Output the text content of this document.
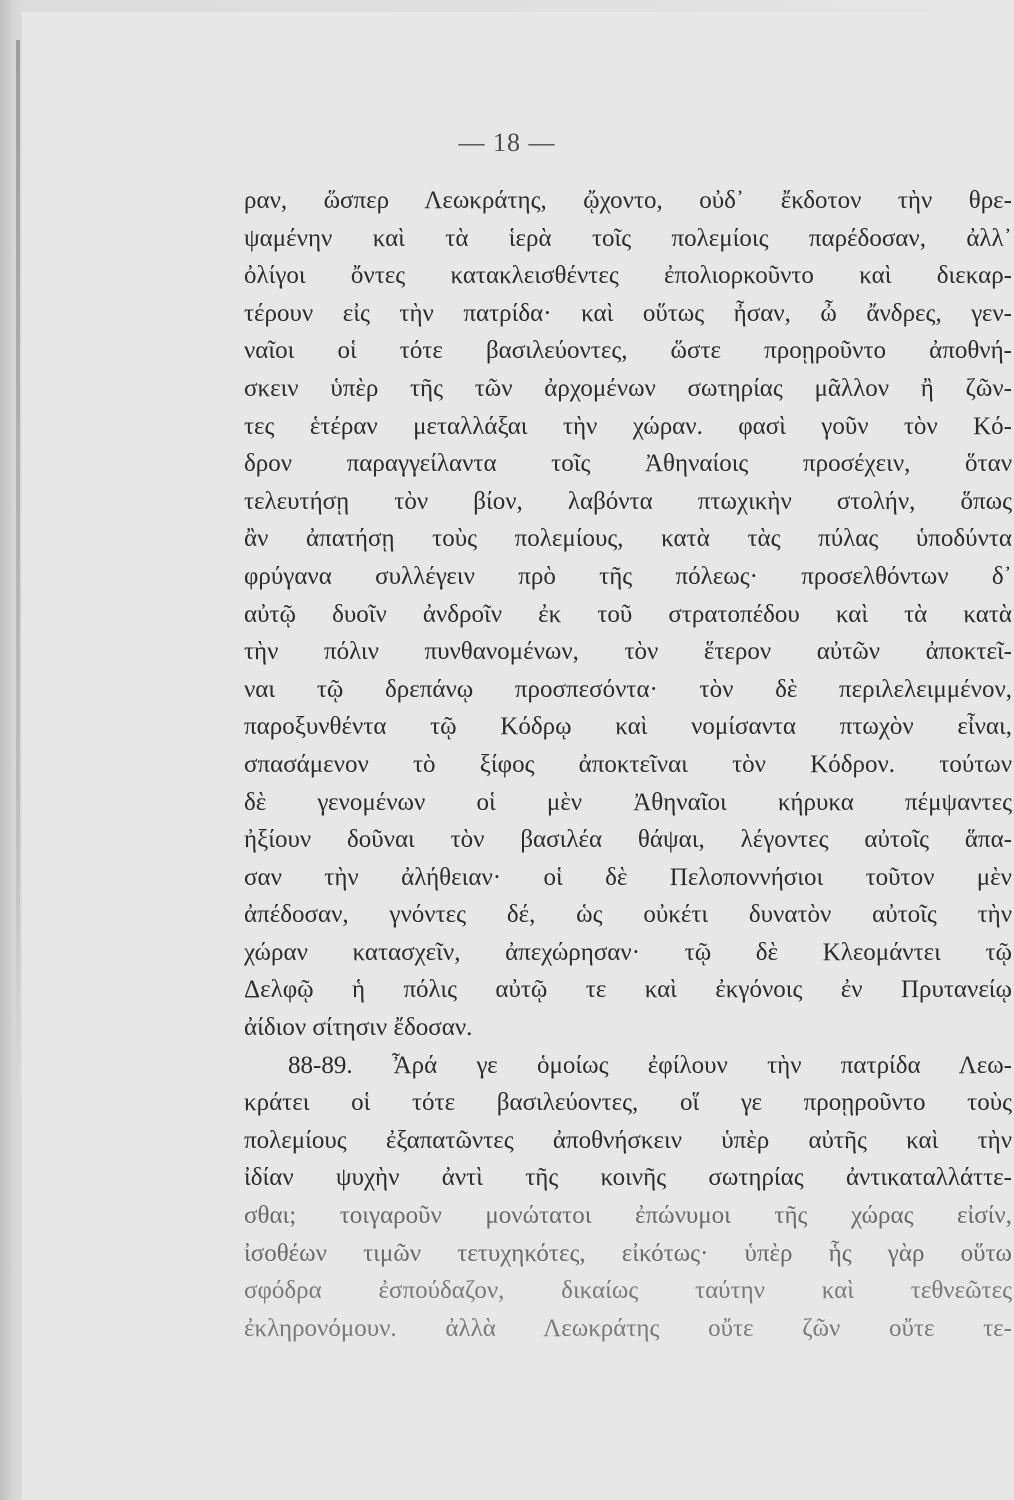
— 18 —
ραν, ὥσπερ Λεωκράτης, ᾤχοντο, οὐδ᾽ ἔκδοτον τὴν θρε-
ψαμένην καὶ τὰ ἱερὰ τοῖς πολεμίοις παρέδοσαν, ἀλλ᾽
ὀλίγοι ὄντες κατακλεισθέντες ἐπολιορκοῦντο καὶ διεκαρ-
τέρουν εἰς τὴν πατρίδα· καὶ οὕτως ἦσαν, ὦ ἄνδρες, γεν-
ναῖοι οἱ τότε βασιλεύοντες, ὥστε προῃροῦντο ἀποθνή-
σκειν ὑπὲρ τῆς τῶν ἀρχομένων σωτηρίας μᾶλλον ἢ ζῶν-
τες ἑτέραν μεταλλάξαι τὴν χώραν. φασὶ γοῦν τὸν Κό-
δρον παραγγείλαντα τοῖς Ἀθηναίοις προσέχειν, ὅταν
τελευτήσῃ τὸν βίον, λαβόντα πτωχικὴν στολήν, ὅπως
ἂν ἀπατήσῃ τοὺς πολεμίους, κατὰ τὰς πύλας ὑποδύντα
φρύγανα συλλέγειν πρὸ τῆς πόλεως· προσελθόντων δ᾽
αὐτῷ δυοῖν ἀνδροῖν ἐκ τοῦ στρατοπέδου καὶ τὰ κατὰ
τὴν πόλιν πυνθανομένων, τὸν ἕτερον αὐτῶν ἀποκτεῖ-
ναι τῷ δρεπάνῳ προσπεσόντα· τὸν δὲ περιλελειμμένον,
παροξυνθέντα τῷ Κόδρῳ καὶ νομίσαντα πτωχὸν εἶναι,
σπασάμενον τὸ ξίφος ἀποκτεῖναι τὸν Κόδρον. τούτων
δὲ γενομένων οἱ μὲν Ἀθηναῖοι κήρυκα πέμψαντες
ἠξίουν δοῦναι τὸν βασιλέα θάψαι, λέγοντες αὐτοῖς ἅπα-
σαν τὴν ἀλήθειαν· οἱ δὲ Πελοποννήσιοι τοῦτον μὲν
ἀπέδοσαν, γνόντες δέ, ὡς οὐκέτι δυνατὸν αὐτοῖς τὴν
χώραν κατασχεῖν, ἀπεχώρησαν· τῷ δὲ Κλεομάντει τῷ
Δελφῷ ἡ πόλις αὐτῷ τε καὶ ἐκγόνοις ἐν Πρυτανείῳ
ἀίδιον σίτησιν ἔδοσαν.
88-89. Ἆρά γε ὁμοίως ἐφίλουν τὴν πατρίδα Λεω-
κράτει οἱ τότε βασιλεύοντες, οἵ γε προῃροῦντο τοὺς
πολεμίους ἐξαπατῶντες ἀποθνήσκειν ὑπὲρ αὐτῆς καὶ τὴν
ἰδίαν ψυχὴν ἀντὶ τῆς κοινῆς σωτηρίας ἀντικαταλλάττε-
σθαι; τοιγαροῦν μονώτατοι ἐπώνυμοι τῆς χώρας εἰσίν,
ἰσοθέων τιμῶν τετυχηκότες, εἰκότως· ὑπὲρ ἧς γὰρ οὕτω
σφόδρα ἐσπούδαζον, δικαίως ταύτην καὶ τεθνεῶτες
ἐκληρονόμουν. ἀλλὰ Λεωκράτης οὔτε ζῶν οὔτε τε-
